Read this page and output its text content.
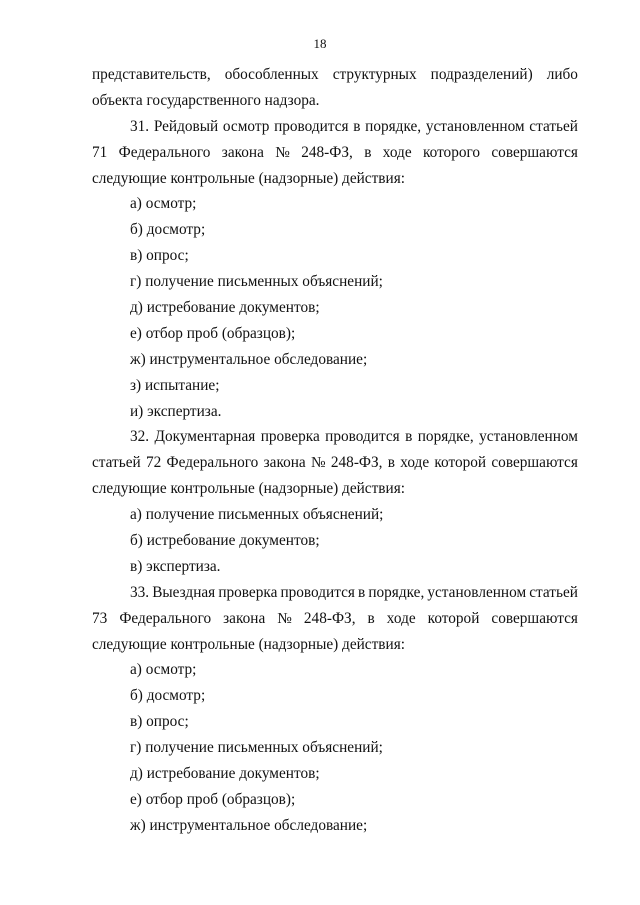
18
представительств, обособленных структурных подразделений) либо
объекта государственного надзора.
31. Рейдовый осмотр проводится в порядке, установленном статьей
71 Федерального закона № 248-ФЗ, в ходе которого совершаются
следующие контрольные (надзорные) действия:
а) осмотр;
б) досмотр;
в) опрос;
г) получение письменных объяснений;
д) истребование документов;
е) отбор проб (образцов);
ж) инструментальное обследование;
з) испытание;
и) экспертиза.
32. Документарная проверка проводится в порядке, установленном
статьей 72 Федерального закона № 248-ФЗ, в ходе которой совершаются
следующие контрольные (надзорные) действия:
а) получение письменных объяснений;
б) истребование документов;
в) экспертиза.
33. Выездная проверка проводится в порядке, установленном статьей
73 Федерального закона № 248-ФЗ, в ходе которой совершаются
следующие контрольные (надзорные) действия:
а) осмотр;
б) досмотр;
в) опрос;
г) получение письменных объяснений;
д) истребование документов;
е) отбор проб (образцов);
ж) инструментальное обследование;
